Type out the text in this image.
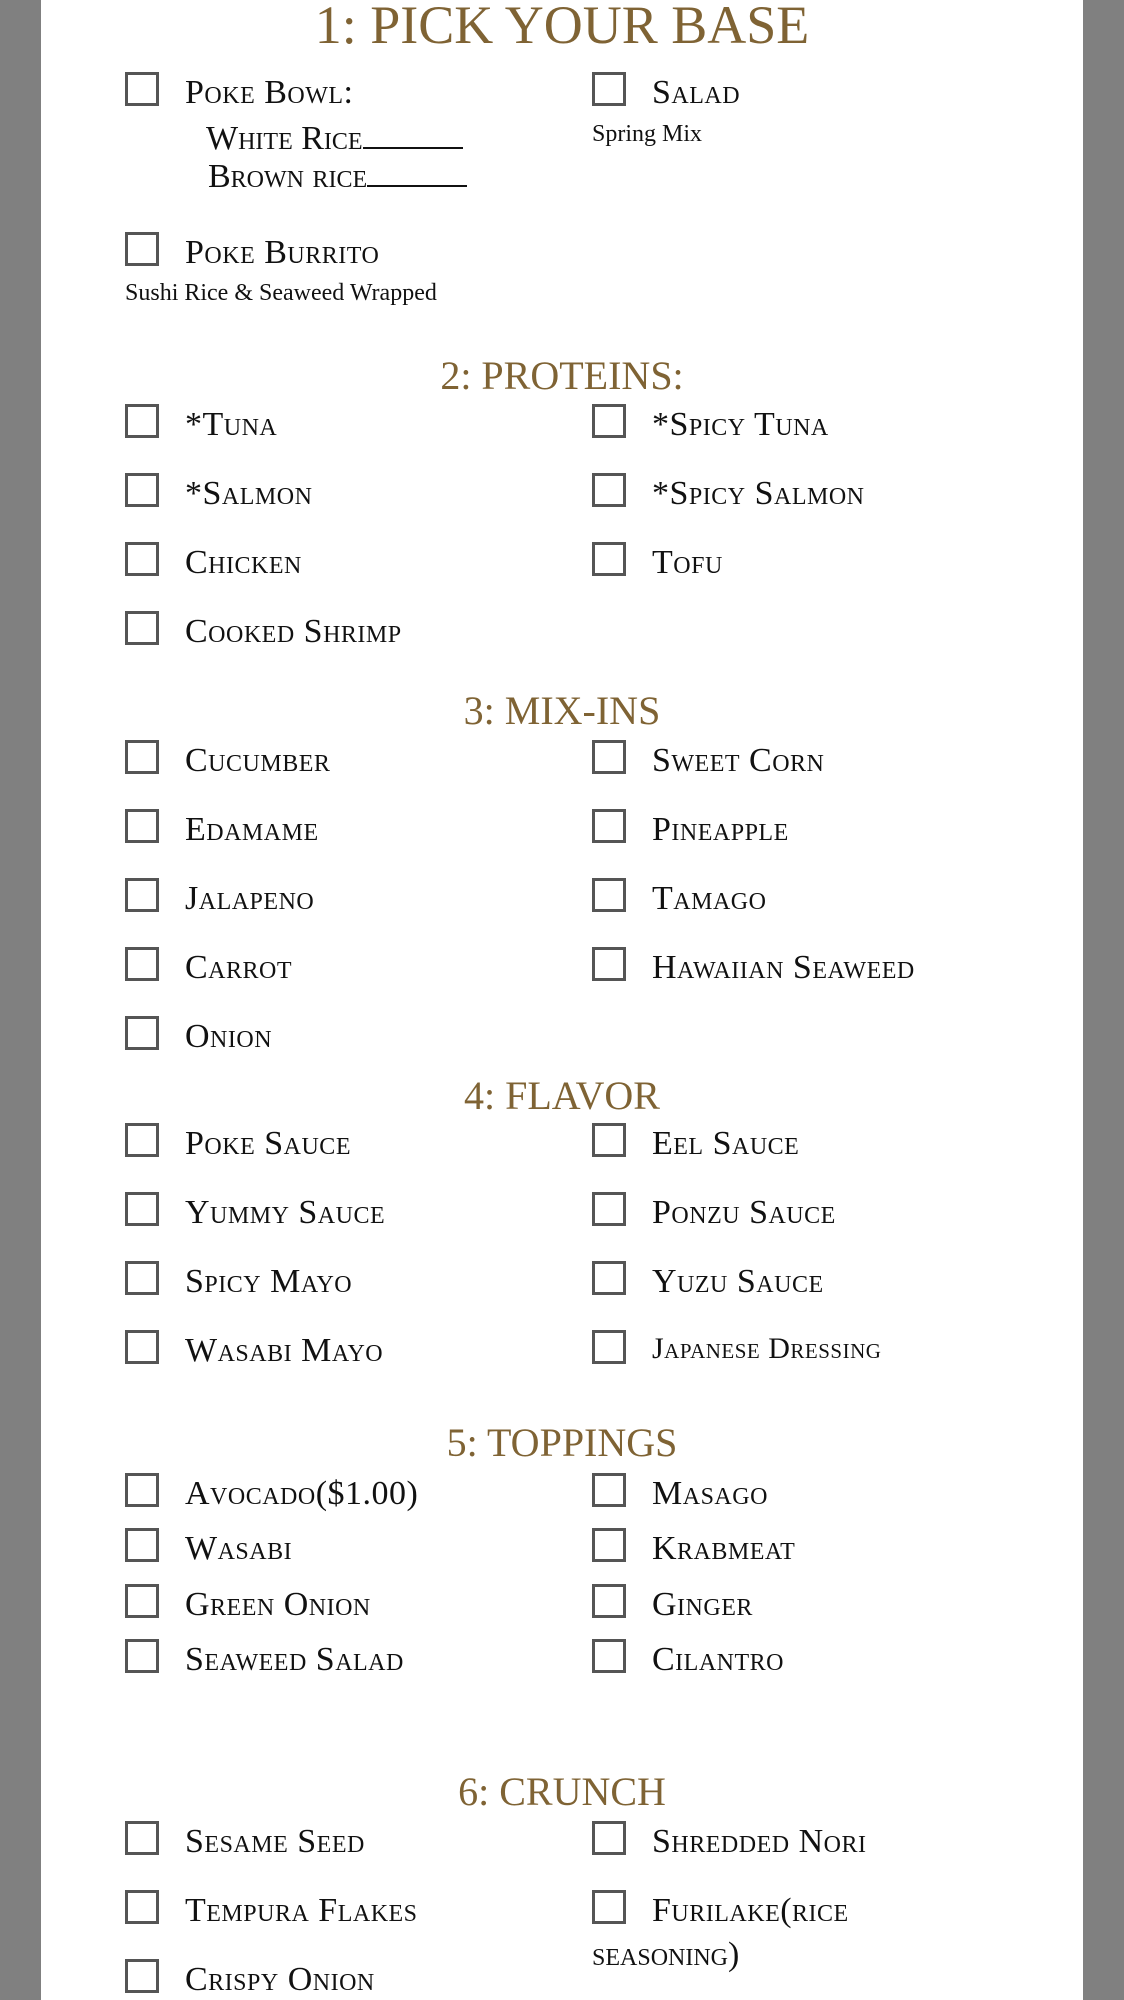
1: PICK YOUR BASE
Poke Bowl:
White Rice
Brown rice
Salad
Spring Mix
Poke Burrito
Sushi Rice & Seaweed Wrapped
2: PROTEINS:
*Tuna	*Spicy Tuna
*Salmon	*Spicy Salmon
Chicken	Tofu
Cooked Shrimp
3: MIX-INS
Cucumber	Sweet Corn
Edamame	Pineapple
Jalapeno	Tamago
Carrot	Hawaiian Seaweed
Onion
4: FLAVOR
Poke Sauce	Eel Sauce
Yummy Sauce	Ponzu Sauce
Spicy Mayo	Yuzu Sauce
Wasabi Mayo	Japanese Dressing
5: TOPPINGS
Avocado($1.00)	Masago
Wasabi	Krabmeat
Green Onion	Ginger
Seaweed Salad	Cilantro
6: CRUNCH
Sesame Seed	Shredded Nori
Tempura Flakes	Furilake(rice
Crispy Onion
seasoning)
